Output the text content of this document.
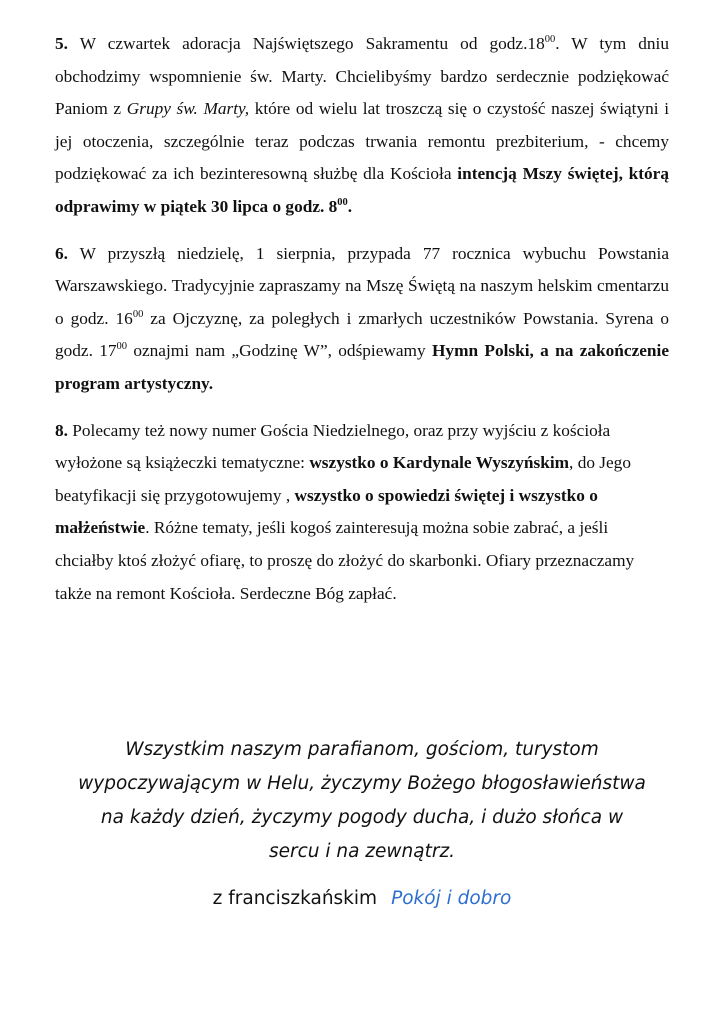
5. W czwartek adoracja Najświętszego Sakramentu od $godz.18^{00}$. W tym dniu obchodzimy wspomnienie św. Marty. Chcielibyśmy bardzo serdecznie podziękować Paniom z Grupy św. Marty, które od wielu lat troszczą się o czystość naszej świątyni i jej otoczenia, szczególnie teraz podczas trwania remontu prezbiterium, - chcemy podziękować za ich bezinteresowną służbę dla Kościoła intencją Mszy świętej, którą odprawimy w piątek 30 lipca o godz. $8^{00}$.

6. W przyszłą niedzielę, 1 sierpnia, przypada 77 rocznica wybuchu Powstania Warszawskiego. Tradycyjnie zapraszamy na Mszę Świętą na naszym helskim cmentarzu o godz. $16^{00}$ za Ojczyznę, za poległych i zmarłych uczestników Powstania. Syrena o godz. $17^{00}$ oznajmi nam „Godzinę W”, odśpiewamy Hymn Polski, a na zakończenie program artystyczny.

8. Polecamy też nowy numer Gościa Niedzielnego, oraz przy wyjściu z kościoła wyłożone są książeczki tematyczne: wszystko o Kardynale Wyszyńskim, do Jego beatyfikacji się przygotowujemy , wszystko o spowiedzi świętej i wszystko o małżeństwie. Różne tematy, jeśli kogoś zainteresują można sobie zabrać, a jeśli chciałby ktoś złożyć ofiarę, to proszę do złożyć do skarbonki. Ofiary przeznaczamy także na remont Kościoła. Serdeczne Bóg zapłać.

Wszystkim naszym parafianom, gościom, turystom
wypoczywającym w Helu, życzymy Bożego błogosławieństwa
na każdy dzień, życzymy pogody ducha, i dużo słońca w
sercu i na zewnątrz.
z franciszkańskim Pokój i dobro
